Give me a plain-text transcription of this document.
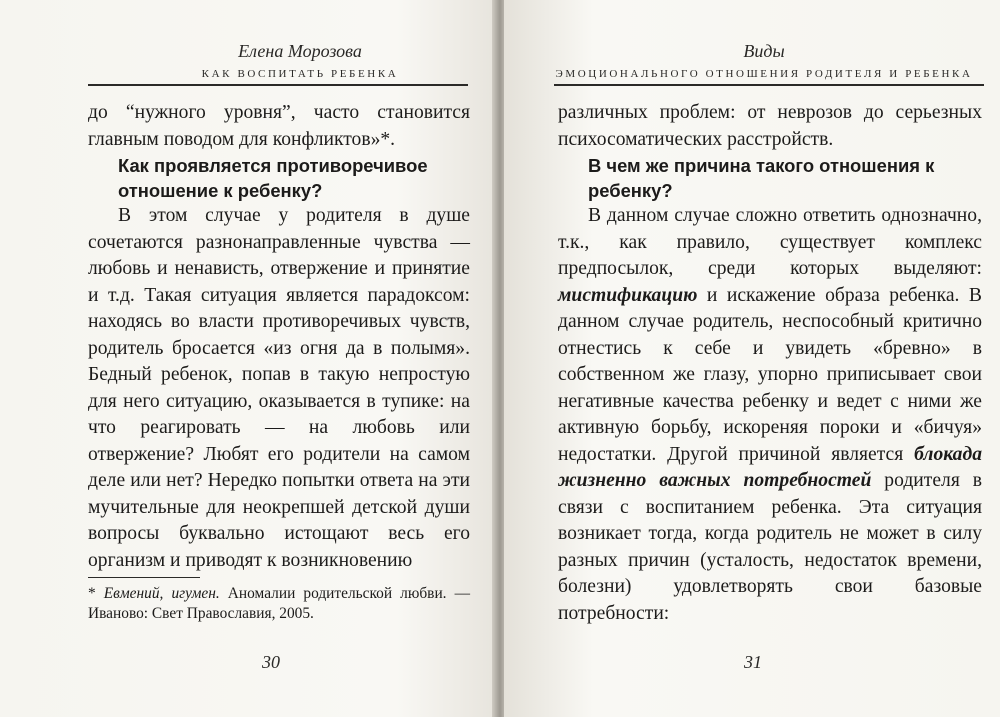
Елена Морозова
КАК ВОСПИТАТЬ РЕБЕНКА

до “нужного уровня”, часто становится главным поводом для конфликтов»*.

Как проявляется противоречивое отношение к ребенку?

В этом случае у родителя в душе сочетаются разнонаправленные чувства — любовь и ненависть, отвержение и принятие и т.д. Такая ситуация является парадоксом: находясь во власти противоречивых чувств, родитель бросается «из огня да в полымя». Бедный ребенок, попав в такую непростую для него ситуацию, оказывается в тупике: на что реагировать — на любовь или отвержение? Любят его родители на самом деле или нет? Нередко попытки ответа на эти мучительные для неокрепшей детской души вопросы буквально истощают весь его организм и приводят к возникновению

* Евмений, игумен. Аномалии родительской любви. — Иваново: Свет Православия, 2005.
30
Виды
ЭМОЦИОНАЛЬНОГО ОТНОШЕНИЯ РОДИТЕЛЯ И РЕБЕНКА

различных проблем: от неврозов до серьезных психосоматических расстройств.

В чем же причина такого отношения к ребенку?

В данном случае сложно ответить однозначно, т.к., как правило, существует комплекс предпосылок, среди которых выделяют: мистификацию и искажение образа ребенка. В данном случае родитель, неспособный критично отнестись к себе и увидеть «бревно» в собственном же глазу, упорно приписывает свои негативные качества ребенку и ведет с ними же активную борьбу, искореняя пороки и «бичуя» недостатки. Другой причиной является блокада жизненно важных потребностей родителя в связи с воспитанием ребенка. Эта ситуация возникает тогда, когда родитель не может в силу разных причин (усталость, недостаток времени, болезни) удовлетворять свои базовые потребности:

31
